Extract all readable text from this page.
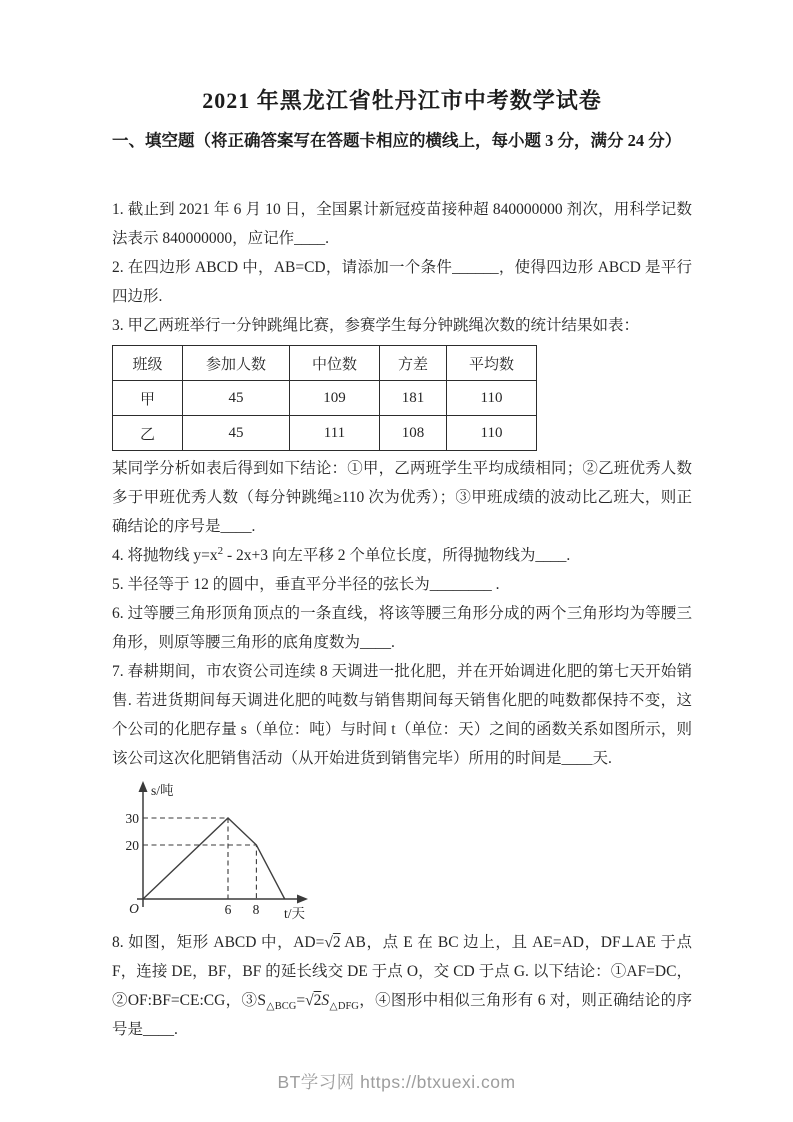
2021 年黑龙江省牡丹江市中考数学试卷
一、填空题（将正确答案写在答题卡相应的横线上，每小题 3 分，满分 24 分）

1. 截止到 2021 年 6 月 10 日，全国累计新冠疫苗接种超 840000000 剂次，用科学记数法表示 840000000，应记作____.

2. 在四边形 ABCD 中，AB=CD，请添加一个条件______，使得四边形 ABCD 是平行四边形.

3. 甲乙两班举行一分钟跳绳比赛，参赛学生每分钟跳绳次数的统计结果如表：

班级	参加人数	中位数	方差	平均数
甲	45	109	181	110
乙	45	111	108	110

某同学分析如表后得到如下结论：①甲，乙两班学生平均成绩相同；②乙班优秀人数多于甲班优秀人数（每分钟跳绳≥110 次为优秀）；③甲班成绩的波动比乙班大，则正确结论的序号是____.

4. 将抛物线 $y=x^2 - 2x+3$ 向左平移 2 个单位长度，所得抛物线为____.

5. 半径等于 12 的圆中，垂直平分半径的弦长为________ .

6. 过等腰三角形顶角顶点的一条直线，将该等腰三角形分成的两个三角形均为等腰三角形，则原等腰三角形的底角度数为____.

7. 春耕期间，市农资公司连续 8 天调进一批化肥，并在开始调进化肥的第七天开始销售. 若进货期间每天调进化肥的吨数与销售期间每天销售化肥的吨数都保持不变，这个公司的化肥存量 s（单位：吨）与时间 t（单位：天）之间的函数关系如图所示，则该公司这次化肥销售活动（从开始进货到销售完毕）所用的时间是____天.

s/吨
30
20
O	6 8 t/天

8. 如图，矩形 ABCD 中，AD=√2 AB，点 E 在 BC 边上，且 AE=AD，DF⊥AE 于点 F，连接 DE，BF，BF 的延长线交 DE 于点 O，交 CD 于点 G. 以下结论：①AF=DC，②OF:BF=CE:CG，$③S_{\triangle BCG}=√2S_{\triangle DFG}$，④图形中相似三角形有 6 对，则正确结论的序号是____.

BT学习网 https://btxuexi.com
